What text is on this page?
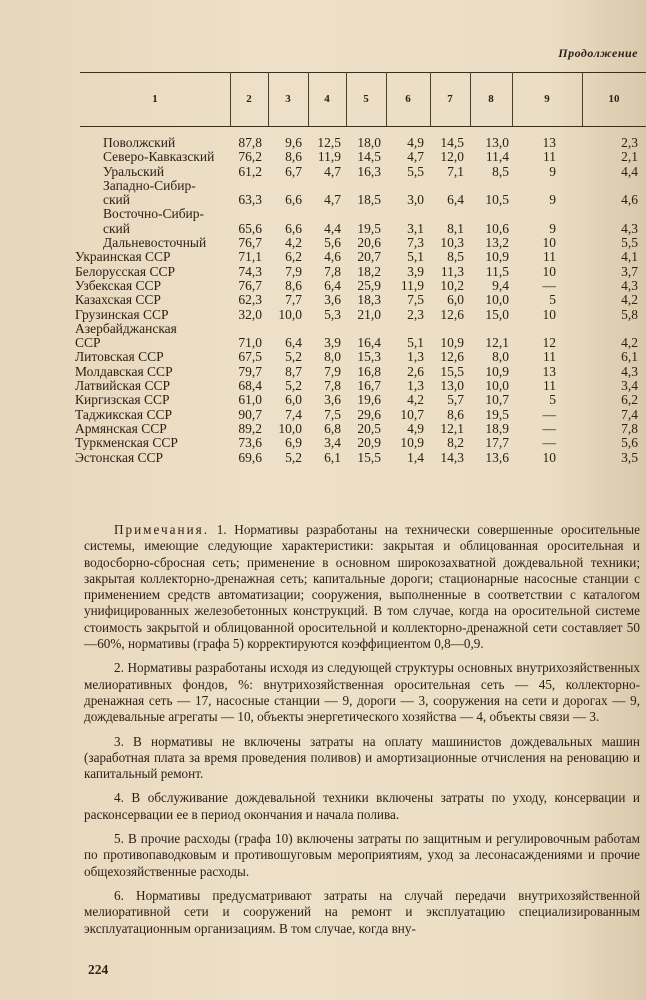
Продолжение
1	2	3	4	5	6	7	8	9	10
Поволжский	87,8	9,6	12,5	18,0	4,9	14,5	13,0	13	2,3
Северо-Кавказский	76,2	8,6	11,9	14,5	4,7	12,0	11,4	11	2,1
Уральский	61,2	6,7	4,7	16,3	5,5	7,1	8,5	9	4,4
Западно-Сибир-
ский	63,3	6,6	4,7	18,5	3,0	6,4	10,5	9	4,6
Восточно-Сибир-
ский	65,6	6,6	4,4	19,5	3,1	8,1	10,6	9	4,3
Дальневосточный	76,7	4,2	5,6	20,6	7,3	10,3	13,2	10	5,5
Украинская ССР	71,1	6,2	4,6	20,7	5,1	8,5	10,9	11	4,1
Белорусская ССР	74,3	7,9	7,8	18,2	3,9	11,3	11,5	10	3,7
Узбекская ССР	76,7	8,6	6,4	25,9	11,9	10,2	9,4	—	4,3
Казахская ССР	62,3	7,7	3,6	18,3	7,5	6,0	10,0	5	4,2
Грузинская ССР	32,0	10,0	5,3	21,0	2,3	12,6	15,0	10	5,8
Азербайджанская
ССР	71,0	6,4	3,9	16,4	5,1	10,9	12,1	12	4,2
Литовская ССР	67,5	5,2	8,0	15,3	1,3	12,6	8,0	11	6,1
Молдавская ССР	79,7	8,7	7,9	16,8	2,6	15,5	10,9	13	4,3
Латвийская ССР	68,4	5,2	7,8	16,7	1,3	13,0	10,0	11	3,4
Киргизская ССР	61,0	6,0	3,6	19,6	4,2	5,7	10,7	5	6,2
Таджикская ССР	90,7	7,4	7,5	29,6	10,7	8,6	19,5	—	7,4
Армянская ССР	89,2	10,0	6,8	20,5	4,9	12,1	18,9	—	7,8
Туркменская ССР	73,6	6,9	3,4	20,9	10,9	8,2	17,7	—	5,6
Эстонская ССР	69,6	5,2	6,1	15,5	1,4	14,3	13,6	10	3,5

Примечания. 1. Нормативы разработаны на технически совершенные оросительные системы, имеющие следующие характеристики: закрытая и облицованная оросительная и водосборно-сбросная сеть; применение в основном широкозахватной дождевальной техники; закрытая коллекторно-дренажная сеть; капитальные дороги; стационарные насосные станции с применением средств автоматизации; сооружения, выполненные в соответствии с каталогом унифицированных железобетонных конструкций. В том случае, когда на оросительной системе стоимость закрытой и облицованной оросительной и коллекторно-дренажной сети составляет 50—60%, нормативы (графа 5) корректируются коэффициентом 0,8—0,9.

2. Нормативы разработаны исходя из следующей структуры основных внутрихозяйственных мелиоративных фондов, %: внутрихозяйственная оросительная сеть — 45, коллекторно-дренажная сеть — 17, насосные станции — 9, дороги — 3, сооружения на сети и дорогах — 9, дождевальные агрегаты — 10, объекты энергетического хозяйства — 4, объекты связи — 3.

3. В нормативы не включены затраты на оплату машинистов дождевальных машин (заработная плата за время проведения поливов) и амортизационные отчисления на реновацию и капитальный ремонт.

4. В обслуживание дождевальной техники включены затраты по уходу, консервации и расконсервации ее в период окончания и начала полива.

5. В прочие расходы (графа 10) включены затраты по защитным и регулировочным работам по противопаводковым и противошуговым мероприятиям, уход за лесонасаждениями и прочие общехозяйственные расходы.

6. Нормативы предусматривают затраты на случай передачи внутрихозяйственной мелиоративной сети и сооружений на ремонт и эксплуатацию специализированным эксплуатационным организациям. В том случае, когда вну-

224
